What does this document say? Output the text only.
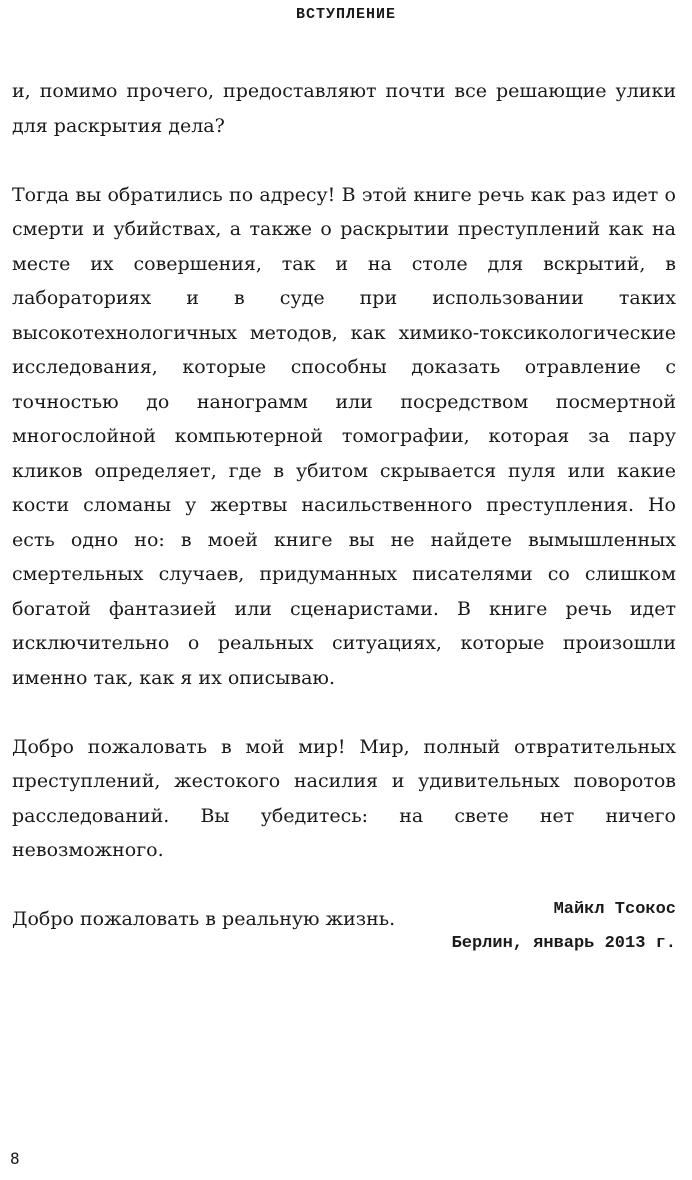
ВСТУПЛЕНИЕ

и, помимо прочего, предоставляют почти все решающие улики для раскрытия дела?

Тогда вы обратились по адресу! В этой книге речь как раз идет о смерти и убийствах, а также о раскрытии преступлений как на месте их совершения, так и на столе для вскрытий, в лабораториях и в суде при использовании таких высокотехнологичных методов, как химико-токсикологические исследования, которые способны доказать отравление с точностью до нанограмм или посредством посмертной многослойной компьютерной томографии, которая за пару кликов определяет, где в убитом скрывается пуля или какие кости сломаны у жертвы насильственного преступления. Но есть одно но: в моей книге вы не найдете вымышленных смертельных случаев, придуманных писателями со слишком богатой фантазией или сценаристами. В книге речь идет исключительно о реальных ситуациях, которые произошли именно так, как я их описываю.

Добро пожаловать в мой мир! Мир, полный отвратительных преступлений, жестокого насилия и удивительных поворотов расследований. Вы убедитесь: на свете нет ничего невозможного.

Добро пожаловать в реальную жизнь.	Майкл Тсокос
Берлин, январь 2013 г.
8
